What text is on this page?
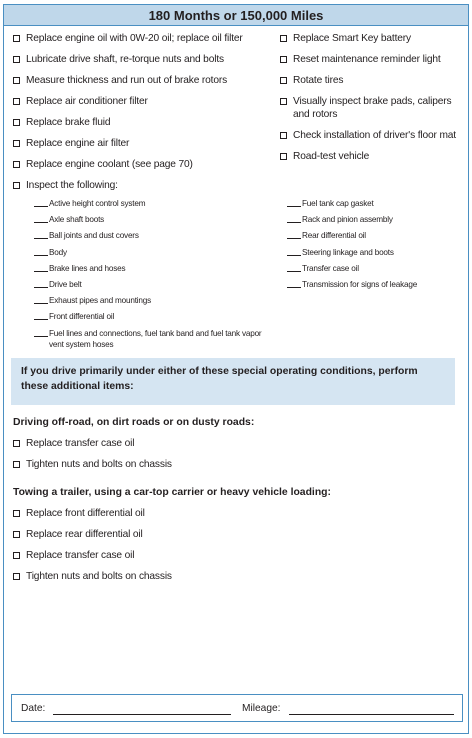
180 Months or 150,000 Miles
Replace engine oil with 0W-20 oil; replace oil filter
Lubricate drive shaft, re-torque nuts and bolts
Measure thickness and run out of brake rotors
Replace air conditioner filter
Replace brake fluid
Replace engine air filter
Replace engine coolant (see page 70)
Inspect the following:
Replace Smart Key battery
Reset maintenance reminder light
Rotate tires
Visually inspect brake pads, calipers and rotors
Check installation of driver's floor mat
Road-test vehicle
Active height control system
Axle shaft boots
Ball joints and dust covers
Body
Brake lines and hoses
Drive belt
Exhaust pipes and mountings
Front differential oil
Fuel lines and connections, fuel tank band and fuel tank vapor vent system hoses
Fuel tank cap gasket
Rack and pinion assembly
Rear differential oil
Steering linkage and boots
Transfer case oil
Transmission for signs of leakage
If you drive primarily under either of these special operating conditions, perform these additional items:
Driving off-road, on dirt roads or on dusty roads:
Replace transfer case oil
Tighten nuts and bolts on chassis
Towing a trailer, using a car-top carrier or heavy vehicle loading:
Replace front differential oil
Replace rear differential oil
Replace transfer case oil
Tighten nuts and bolts on chassis
Date:	Mileage:
